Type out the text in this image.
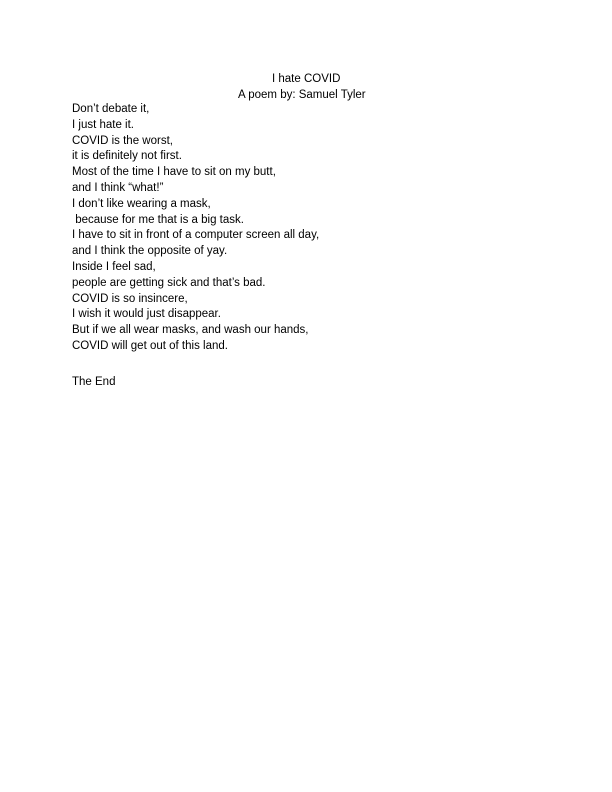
I hate COVID
A poem by: Samuel Tyler
Don’t debate it,
I just hate it.
COVID is the worst,
it is definitely not first.
Most of the time I have to sit on my butt,
and I think “what!”
I don’t like wearing a mask,
because for me that is a big task.
I have to sit in front of a computer screen all day,
and I think the opposite of yay.
Inside I feel sad,
people are getting sick and that’s bad.
COVID is so insincere,
I wish it would just disappear.
But if we all wear masks, and wash our hands,
COVID will get out of this land.
The End
